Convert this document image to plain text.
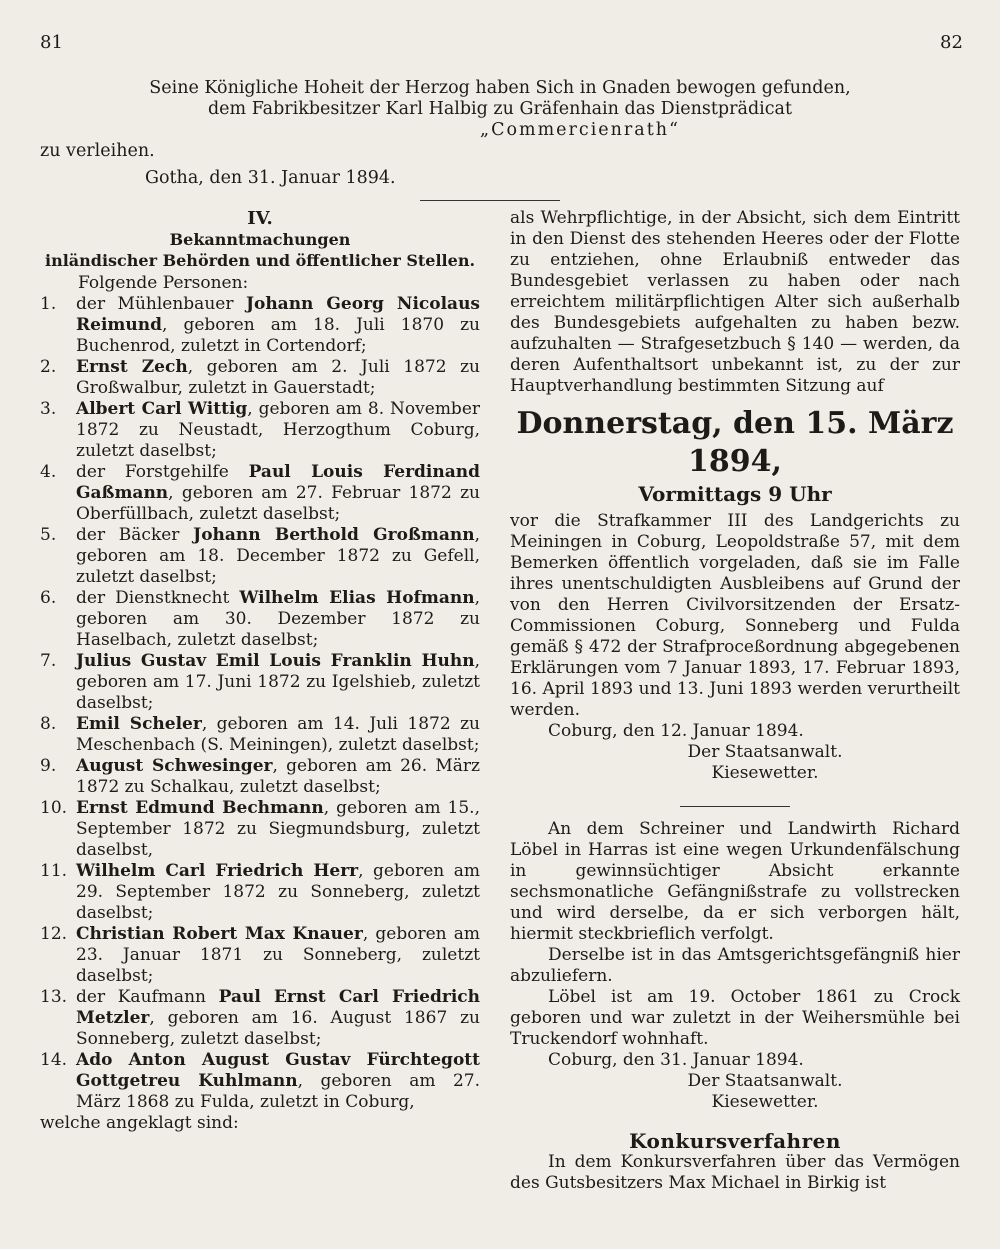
81	82
Seine Königliche Hoheit der Herzog haben Sich in Gnaden bewogen gefunden,
dem Fabrikbesitzer Karl Halbig zu Gräfenhain das Dienstprädicat
„Commercienrath“
zu verleihen.
Gotha, den 31. Januar 1894.
IV.
Bekanntmachungen
inländischer Behörden und öffentlicher Stellen.
Folgende Personen:
1.	der Mühlenbauer Johann Georg Nicolaus Reimund, geboren am 18. Juli 1870 zu Buchenrod, zuletzt in Cortendorf;
2.	Ernst Zech, geboren am 2. Juli 1872 zu Großwalbur, zuletzt in Gauerstadt;
3.	Albert Carl Wittig, geboren am 8. November 1872 zu Neustadt, Herzogthum Coburg, zuletzt daselbst;
4.	der Forstgehilfe Paul Louis Ferdinand Gaßmann, geboren am 27. Februar 1872 zu Oberfüllbach, zuletzt daselbst;
5.	der Bäcker Johann Berthold Großmann, geboren am 18. December 1872 zu Gefell, zuletzt daselbst;
6.	der Dienstknecht Wilhelm Elias Hofmann, geboren am 30. Dezember 1872 zu Haselbach, zuletzt daselbst;
7.	Julius Gustav Emil Louis Franklin Huhn, geboren am 17. Juni 1872 zu Igelshieb, zuletzt daselbst;
8.	Emil Scheler, geboren am 14. Juli 1872 zu Meschenbach (S. Meiningen), zuletzt daselbst;
9.	August Schwesinger, geboren am 26. März 1872 zu Schalkau, zuletzt daselbst;
10. Ernst Edmund Bechmann, geboren am 15., September 1872 zu Siegmundsburg, zuletzt daselbst,
11. Wilhelm Carl Friedrich Herr, geboren am 29. September 1872 zu Sonneberg, zuletzt daselbst;
12. Christian Robert Max Knauer, geboren am 23. Januar 1871 zu Sonneberg, zuletzt daselbst;
13. der Kaufmann Paul Ernst Carl Friedrich Metzler, geboren am 16. August 1867 zu Sonneberg, zuletzt daselbst;
14. Ado Anton August Gustav Fürchtegott Gottgetreu Kuhlmann, geboren am 27. März 1868 zu Fulda, zuletzt in Coburg,
welche angeklagt sind:
als Wehrpflichtige, in der Absicht, sich dem Eintritt in den Dienst des stehenden Heeres oder der Flotte zu entziehen, ohne Erlaubniß entweder das Bundesgebiet verlassen zu haben oder nach erreichtem militärpflichtigen Alter sich außerhalb des Bundesgebiets aufgehalten zu haben bezw. aufzuhalten — Strafgesetzbuch § 140 — werden, da deren Aufenthaltsort unbekannt ist, zu der zur Hauptverhandlung bestimmten Sitzung auf
Donnerstag, den 15. März 1894,
Vormittags 9 Uhr
vor die Strafkammer III des Landgerichts zu Meiningen in Coburg, Leopoldstraße 57, mit dem Bemerken öffentlich vorgeladen, daß sie im Falle ihres unentschuldigten Ausbleibens auf Grund der von den Herren Civilvorsitzenden der Ersatz-Commissionen Coburg, Sonneberg und Fulda gemäß § 472 der Strafproceßordnung abgegebenen Erklärungen vom 7 Januar 1893, 17. Februar 1893, 16. April 1893 und 13. Juni 1893 werden verurtheilt werden.
Coburg, den 12. Januar 1894.
Der Staatsanwalt.
Kiesewetter.
An dem Schreiner und Landwirth Richard Löbel in Harras ist eine wegen Urkundenfälschung in gewinnsüchtiger Absicht erkannte sechsmonatliche Gefängnißstrafe zu vollstrecken und wird derselbe, da er sich verborgen hält, hiermit steckbrieflich verfolgt.
Derselbe ist in das Amtsgerichtsgefängniß hier abzuliefern.
Löbel ist am 19. October 1861 zu Crock geboren und war zuletzt in der Weihersmühle bei Truckendorf wohnhaft.
Coburg, den 31. Januar 1894.
Der Staatsanwalt.
Kiesewetter.
Konkursverfahren
In dem Konkursverfahren über das Vermögen des Gutsbesitzers Max Michael in Birkig ist
